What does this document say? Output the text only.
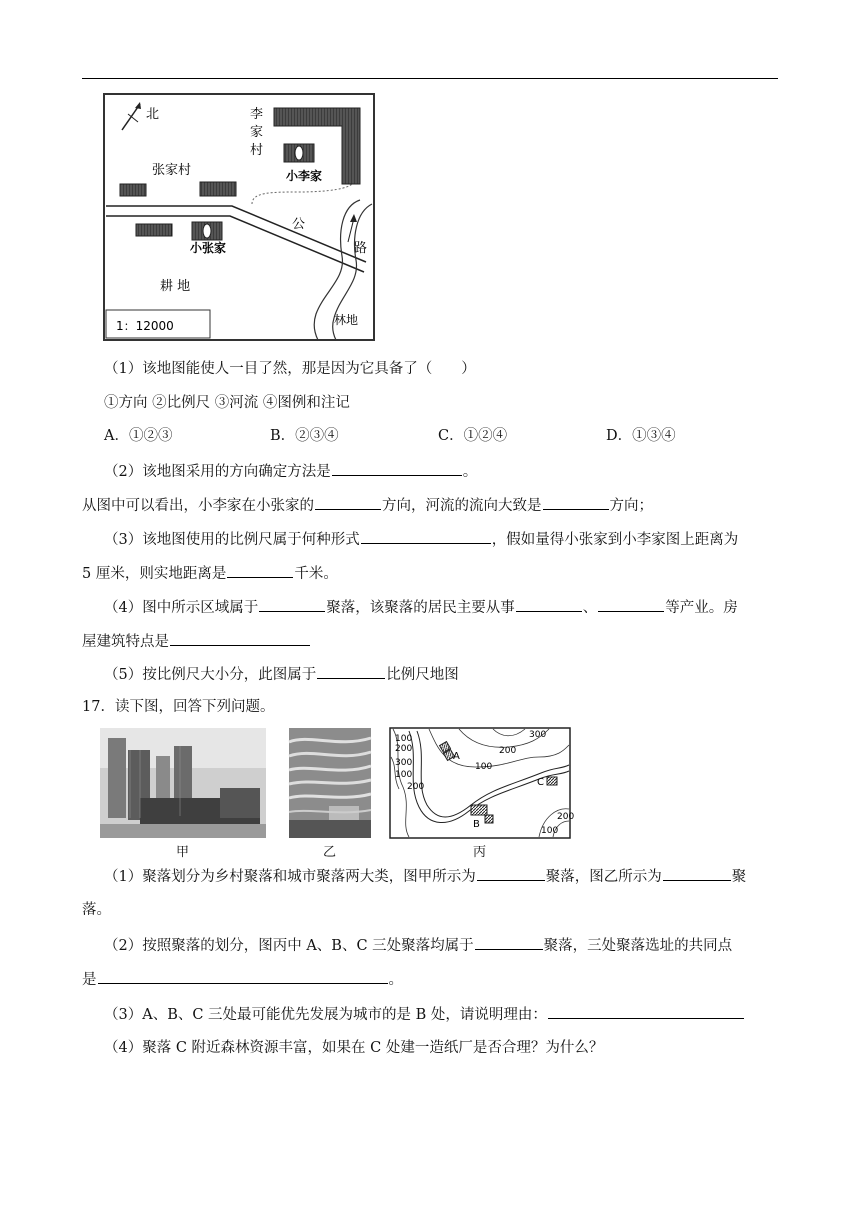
北	李
家
村
小李家
张家村
公
路
小张家
耕 地
林地
1：12000
（1）该地图能使人一目了然，那是因为它具备了（　　）
①方向 ②比例尺 ③河流 ④图例和注记
A．①②③	B．②③④	C．①②④	D．①③④
（2）该地图采用的方向确定方法是	。
从图中可以看出，小李家在小张家的	方向，河流的流向大致是	方向；
（3）该地图使用的比例尺属于何种形式	，假如量得小张家到小李家图上距离为
5 厘米，则实地距离是	千米。
（4）图中所示区域属于	聚落，该聚落的居民主要从事	、	等产业。房
屋建筑特点是
（5）按比例尺大小分，此图属于	比例尺地图
17．读下图，回答下列问题。
甲	乙
100
200
300	100
200
300
200
100
100
200
A
B
C
丙
（1）聚落划分为乡村聚落和城市聚落两大类，图甲所示为	聚落，图乙所示为	聚
落。
（2）按照聚落的划分，图丙中 A、B、C 三处聚落均属于	聚落，三处聚落选址的共同点
是	。
（3）A、B、C 三处最可能优先发展为城市的是 B 处，请说明理由：
（4）聚落 C 附近森林资源丰富，如果在 C 处建一造纸厂是否合理？为什么？
